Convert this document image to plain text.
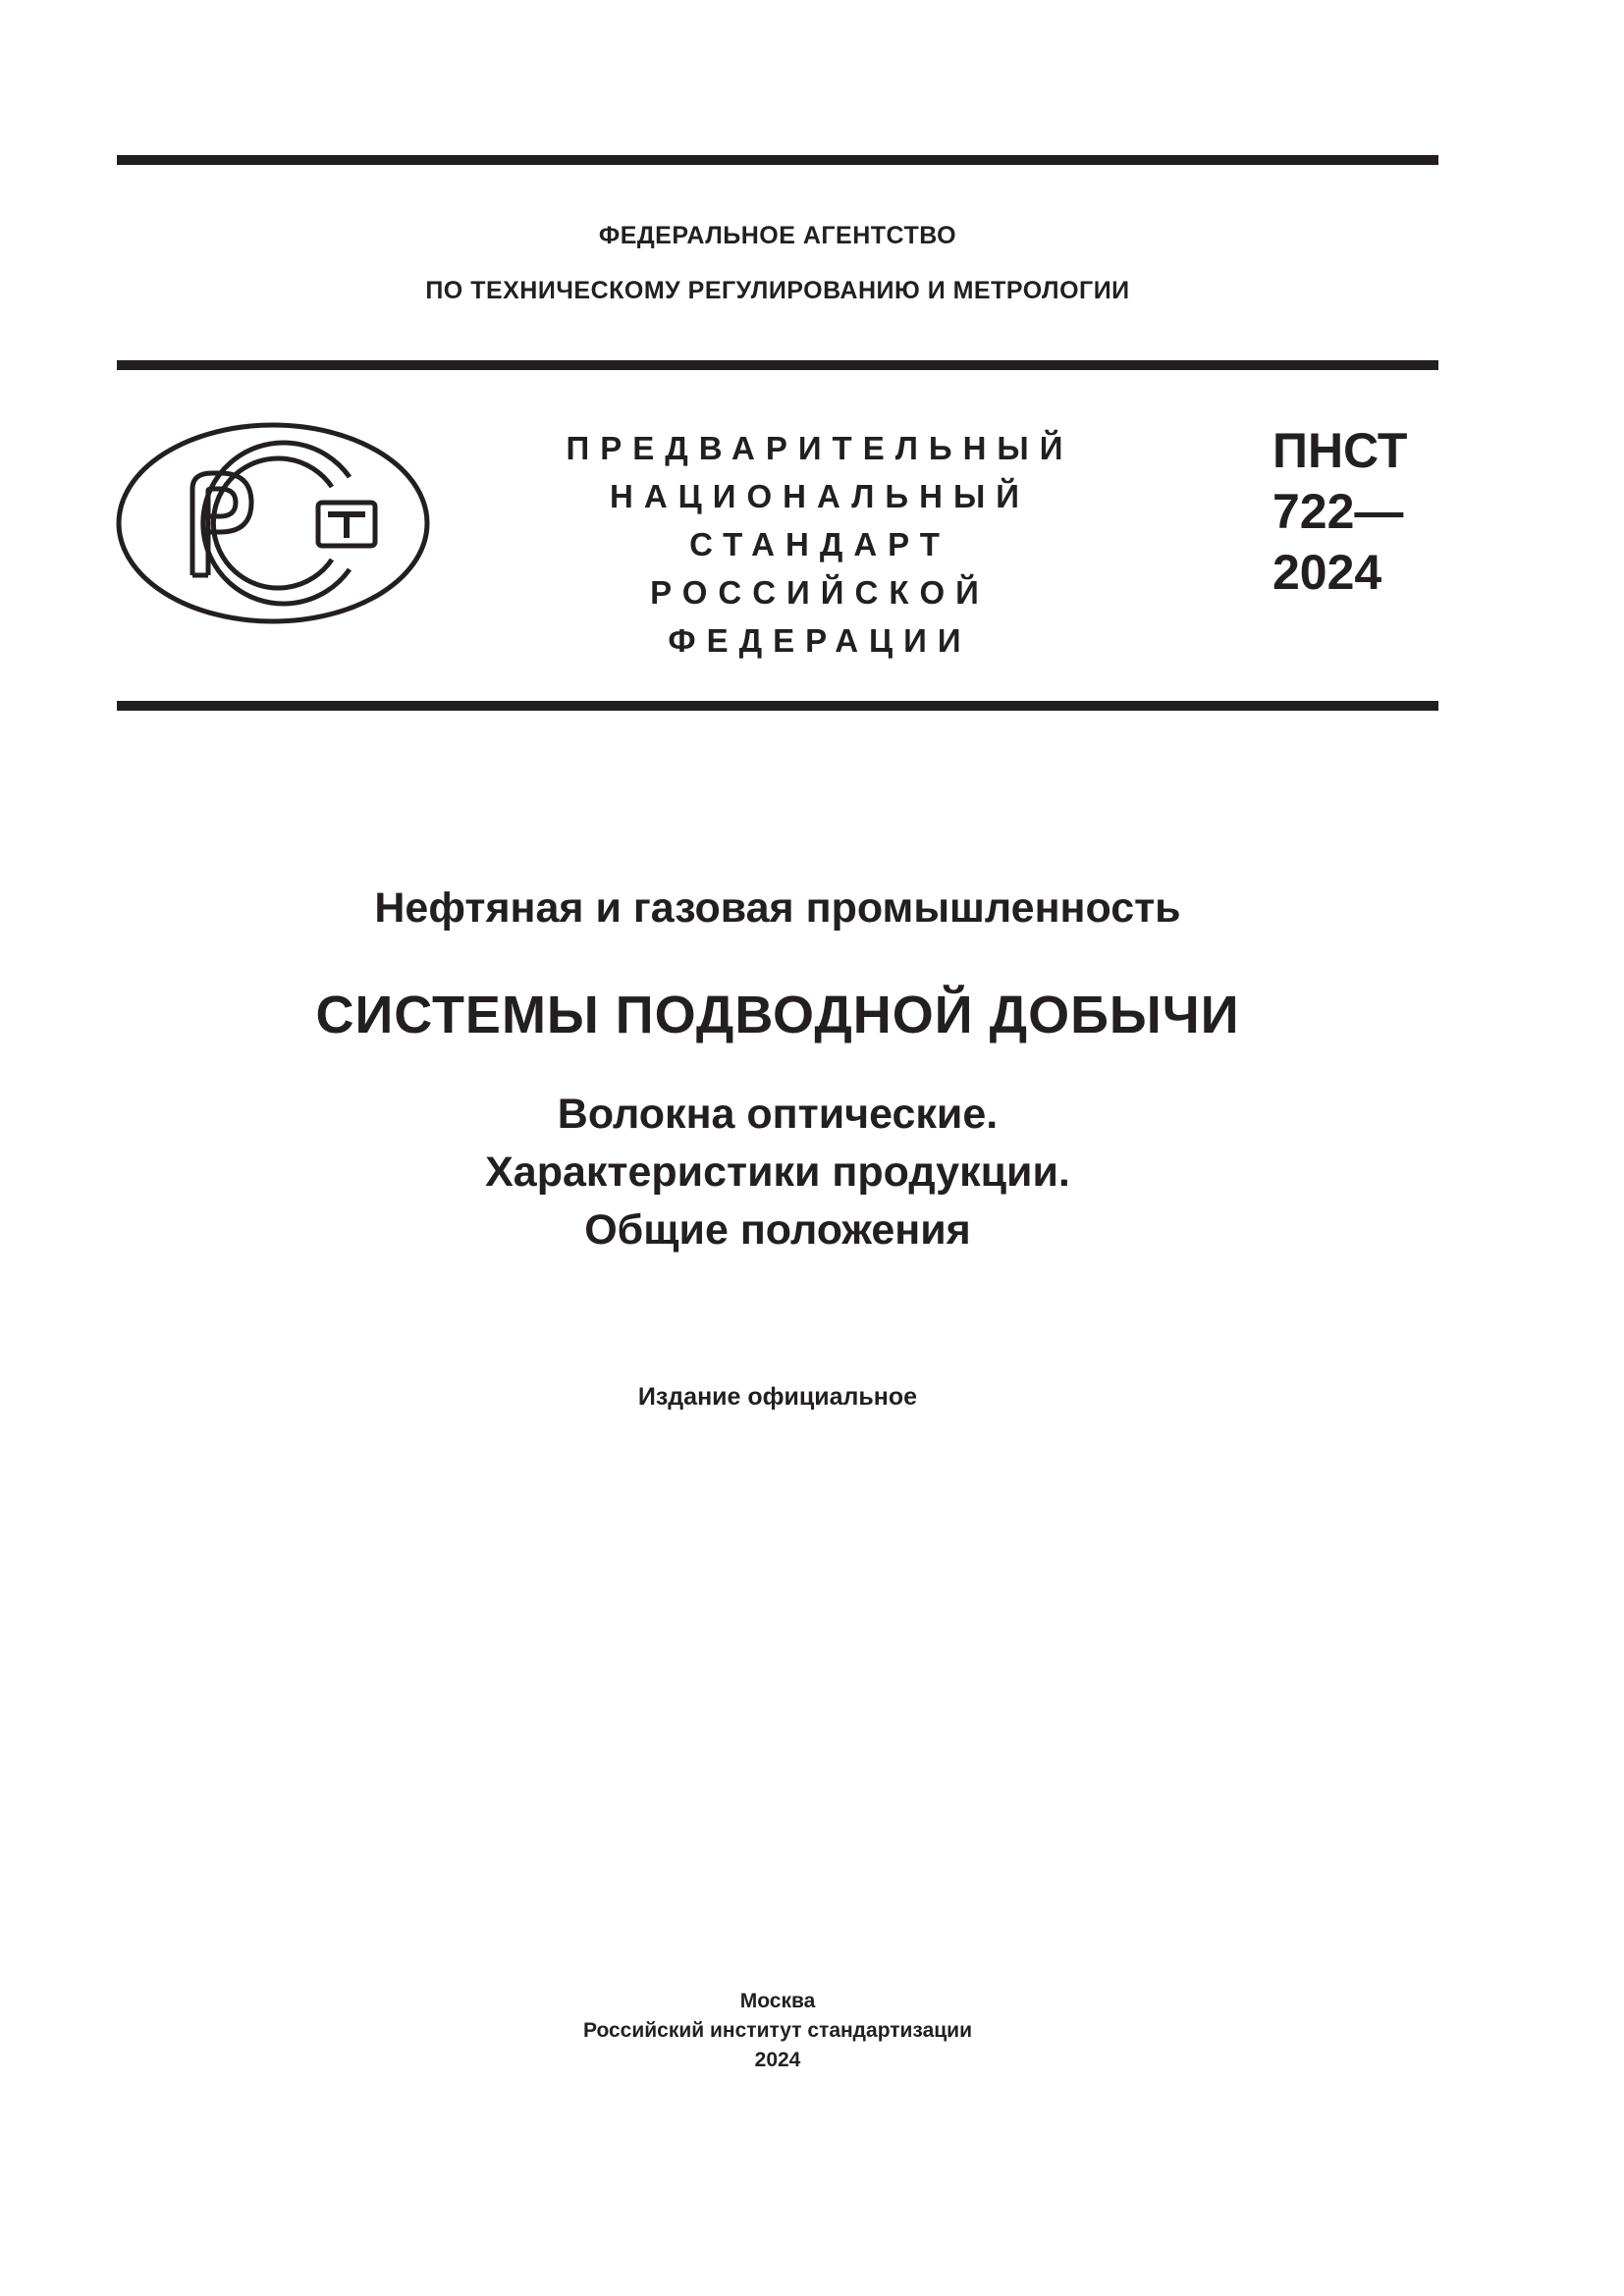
ФЕДЕРАЛЬНОЕ АГЕНТСТВО
ПО ТЕХНИЧЕСКОМУ РЕГУЛИРОВАНИЮ И МЕТРОЛОГИИ
ПРЕДВАРИТЕЛЬНЫЙ
НАЦИОНАЛЬНЫЙ
СТАНДАРТ
РОССИЙСКОЙ
ФЕДЕРАЦИИ
ПНСТ
722—
2024
Нефтяная и газовая промышленность
СИСТЕМЫ ПОДВОДНОЙ ДОБЫЧИ
Волокна оптические.
Характеристики продукции.
Общие положения
Издание официальное
Москва
Российский институт стандартизации
2024
